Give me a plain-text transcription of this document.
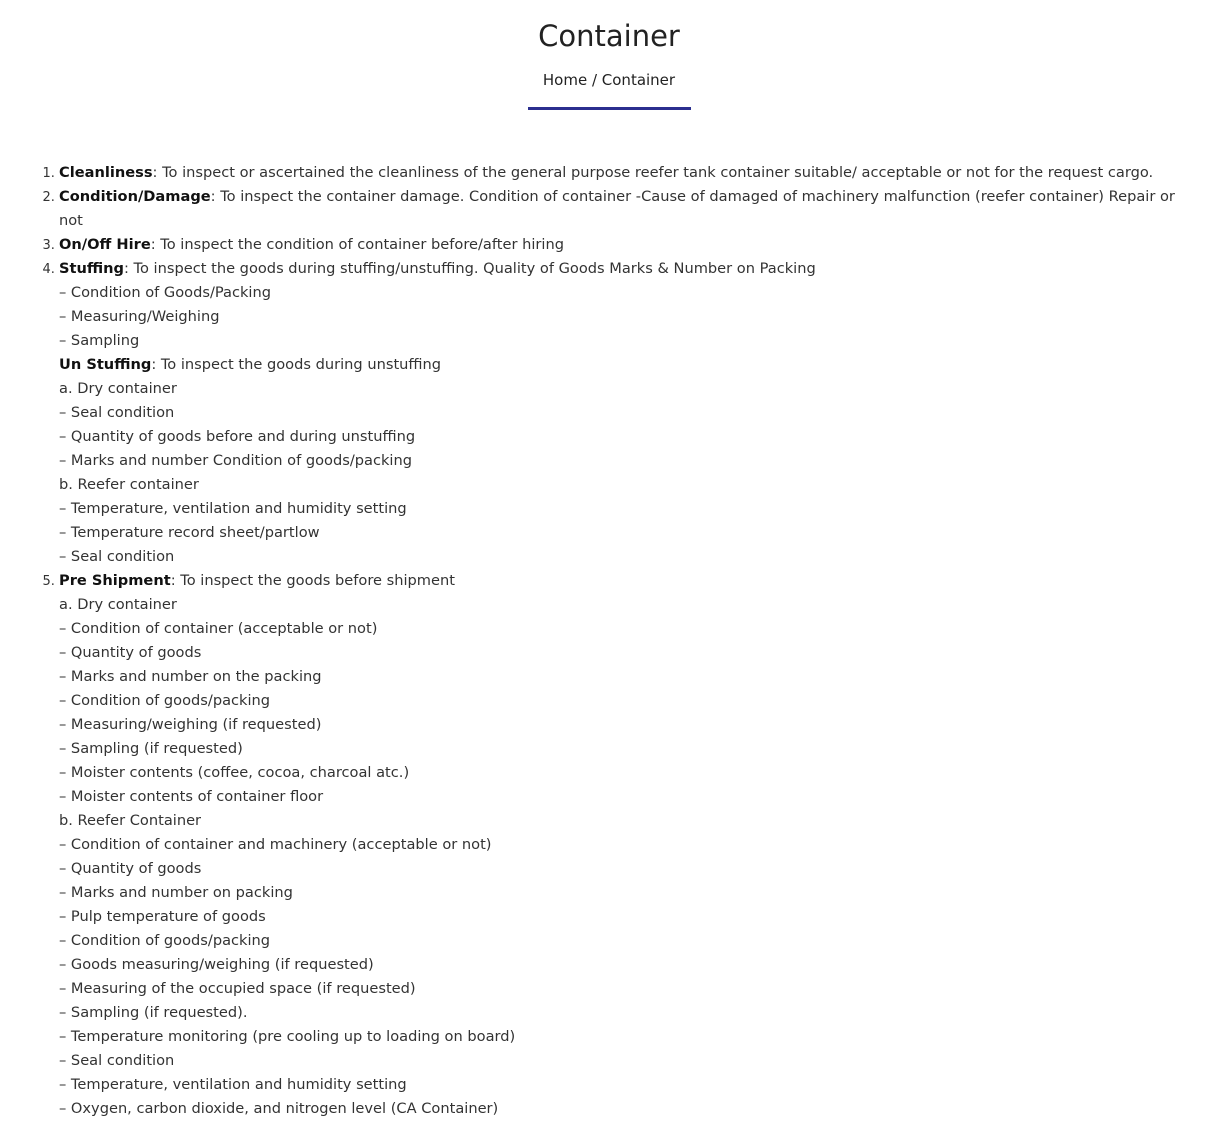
Container
Home / Container
1. Cleanliness: To inspect or ascertained the cleanliness of the general purpose reefer tank container suitable/ acceptable or not for the request cargo.
2. Condition/Damage: To inspect the container damage. Condition of container -Cause of damaged of machinery malfunction (reefer container) Repair or not
3. On/Off Hire: To inspect the condition of container before/after hiring
4. Stuffing: To inspect the goods during stuffing/unstuffing. Quality of Goods Marks & Number on Packing
– Condition of Goods/Packing
– Measuring/Weighing
– Sampling
Un Stuffing: To inspect the goods during unstuffing
a. Dry container
– Seal condition
– Quantity of goods before and during unstuffing
– Marks and number Condition of goods/packing
b. Reefer container
– Temperature, ventilation and humidity setting
– Temperature record sheet/partlow
– Seal condition
5. Pre Shipment: To inspect the goods before shipment
a. Dry container
– Condition of container (acceptable or not)
– Quantity of goods
– Marks and number on the packing
– Condition of goods/packing
– Measuring/weighing (if requested)
– Sampling (if requested)
– Moister contents (coffee, cocoa, charcoal atc.)
– Moister contents of container floor
b. Reefer Container
– Condition of container and machinery (acceptable or not)
– Quantity of goods
– Marks and number on packing
– Pulp temperature of goods
– Condition of goods/packing
– Goods measuring/weighing (if requested)
– Measuring of the occupied space (if requested)
– Sampling (if requested).
– Temperature monitoring (pre cooling up to loading on board)
– Seal condition
– Temperature, ventilation and humidity setting
– Oxygen, carbon dioxide, and nitrogen level (CA Container)
